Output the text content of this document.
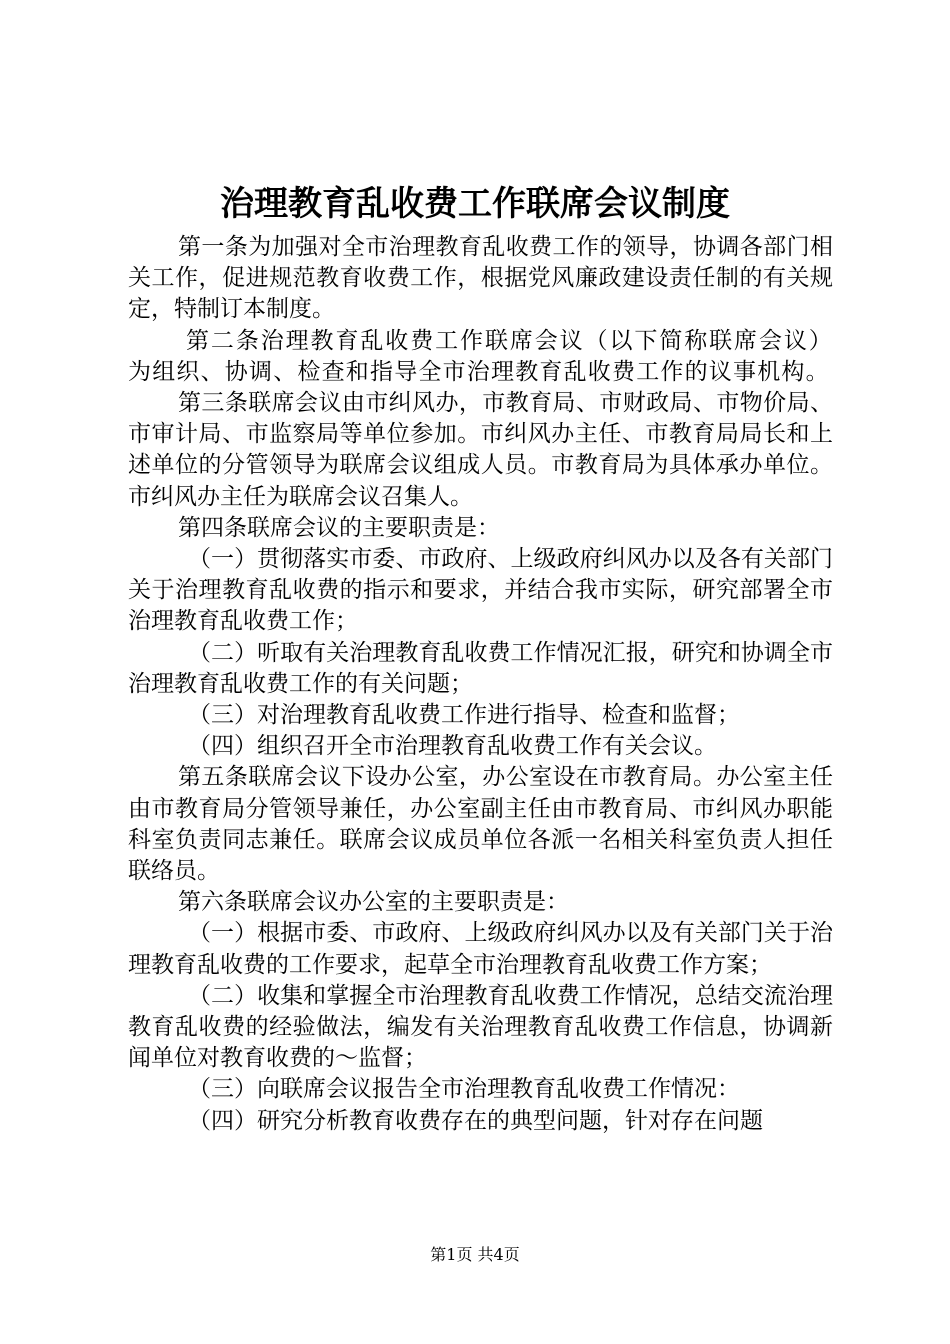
治理教育乱收费工作联席会议制度

第一条为加强对全市治理教育乱收费工作的领导，协调各部门相关工作，促进规范教育收费工作，根据党风廉政建设责任制的有关规定，特制订本制度。

第二条治理教育乱收费工作联席会议（以下简称联席会议）为组织、协调、检查和指导全市治理教育乱收费工作的议事机构。

第三条联席会议由市纠风办，市教育局、市财政局、市物价局、市审计局、市监察局等单位参加。市纠风办主任、市教育局局长和上述单位的分管领导为联席会议组成人员。市教育局为具体承办单位。市纠风办主任为联席会议召集人。

第四条联席会议的主要职责是：

（一）贯彻落实市委、市政府、上级政府纠风办以及各有关部门关于治理教育乱收费的指示和要求，并结合我市实际，研究部署全市治理教育乱收费工作；

（二）听取有关治理教育乱收费工作情况汇报，研究和协调全市治理教育乱收费工作的有关问题；

（三）对治理教育乱收费工作进行指导、检查和监督；

（四）组织召开全市治理教育乱收费工作有关会议。

第五条联席会议下设办公室，办公室设在市教育局。办公室主任由市教育局分管领导兼任，办公室副主任由市教育局、市纠风办职能科室负责同志兼任。联席会议成员单位各派一名相关科室负责人担任联络员。

第六条联席会议办公室的主要职责是：

（一）根据市委、市政府、上级政府纠风办以及有关部门关于治理教育乱收费的工作要求，起草全市治理教育乱收费工作方案；

（二）收集和掌握全市治理教育乱收费工作情况，总结交流治理教育乱收费的经验做法，编发有关治理教育乱收费工作信息，协调新闻单位对教育收费的～监督；

（三）向联席会议报告全市治理教育乱收费工作情况：

（四）研究分析教育收费存在的典型问题，针对存在问题

第1页 共4页
